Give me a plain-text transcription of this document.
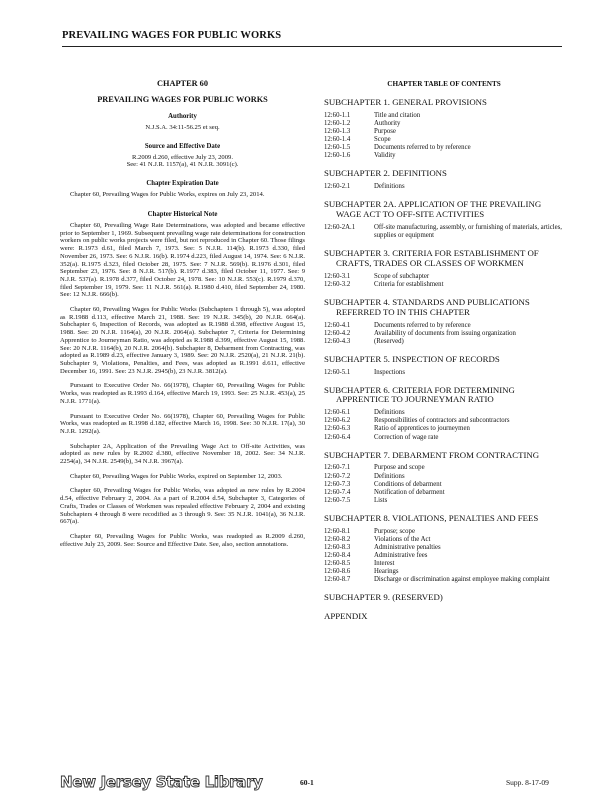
PREVAILING WAGES FOR PUBLIC WORKS
CHAPTER 60
PREVAILING WAGES FOR PUBLIC WORKS
Authority

N.J.S.A. 34:11-56.25 et seq.

Source and Effective Date

R.2009 d.260, effective July 23, 2009.

See: 41 N.J.R. 1157(a), 41 N.J.R. 3091(c).

Chapter Expiration Date

Chapter 60, Prevailing Wages for Public Works, expires on July 23, 2014.

Chapter Historical Note

Chapter 60, Prevailing Wage Rate Determinations, was adopted and became effective prior to September 1, 1969. Subsequent prevailing wage rate determinations for construction workers on public works projects were filed, but not reproduced in Chapter 60. Those filings were: R.1973 d.61, filed March 7, 1973. See: 5 N.J.R. 114(b). R.1973 d.330, filed November 26, 1973. See: 6 N.J.R. 16(b). R.1974 d.223, filed August 14, 1974. See: 6 N.J.R. 352(a). R.1975 d.323, filed October 28, 1975. See: 7 N.J.R. 569(b). R.1976 d.301, filed September 23, 1976. See: 8 N.J.R. 517(b). R.1977 d.383, filed October 11, 1977. See: 9 N.J.R. 537(a). R.1978 d.377, filed October 24, 1978. See: 10 N.J.R. 553(c). R.1979 d.370, filed September 19, 1979. See: 11 N.J.R. 561(a). R.1980 d.410, filed September 24, 1980. See: 12 N.J.R. 666(b).

Chapter 60, Prevailing Wages for Public Works (Subchapters 1 through 5), was adopted as R.1988 d.113, effective March 21, 1988. See: 19 N.J.R. 345(b), 20 N.J.R. 664(a). Subchapter 6, Inspection of Records, was adopted as R.1988 d.398, effective August 15, 1988. See: 20 N.J.R. 1164(a), 20 N.J.R. 2064(a). Subchapter 7, Criteria for Determining Apprentice to Journeyman Ratio, was adopted as R.1988 d.399, effective August 15, 1988. See: 20 N.J.R. 1164(b), 20 N.J.R. 2064(b). Subchapter 8, Debarment from Contracting, was adopted as R.1989 d.23, effective January 3, 1989. See: 20 N.J.R. 2520(a), 21 N.J.R. 21(b). Subchapter 9, Violations, Penalties, and Fees, was adopted as R.1991 d.611, effective December 16, 1991. See: 23 N.J.R. 2945(b), 23 N.J.R. 3812(a).

Pursuant to Executive Order No. 66(1978), Chapter 60, Prevailing Wages for Public Works, was readopted as R.1993 d.164, effective March 19, 1993. See: 25 N.J.R. 453(a), 25 N.J.R. 1771(a).

Pursuant to Executive Order No. 66(1978), Chapter 60, Prevailing Wages for Public Works, was readopted as R.1998 d.182, effective March 16, 1998. See: 30 N.J.R. 17(a), 30 N.J.R. 1292(a).

Subchapter 2A, Application of the Prevailing Wage Act to Off-site Activities, was adopted as new rules by R.2002 d.380, effective November 18, 2002. See: 34 N.J.R. 2254(a), 34 N.J.R. 2549(b), 34 N.J.R. 3967(a).

Chapter 60, Prevailing Wages for Public Works, expired on September 12, 2003.

Chapter 60, Prevailing Wages for Public Works, was adopted as new rules by R.2004 d.54, effective February 2, 2004. As a part of R.2004 d.54, Subchapter 3, Categories of Crafts, Trades or Classes of Workmen was repealed effective February 2, 2004 and existing Subchapters 4 through 8 were recodified as 3 through 9. See: 35 N.J.R. 1041(a), 36 N.J.R. 667(a).

Chapter 60, Prevailing Wages for Public Works, was readopted as R.2009 d.260, effective July 23, 2009. See: Source and Effective Date. See, also, section annotations.

CHAPTER TABLE OF CONTENTS
SUBCHAPTER 1. GENERAL PROVISIONS
12:60-1.1	Title and citation
12:60-1.2	Authority
12:60-1.3	Purpose
12:60-1.4	Scope
12:60-1.5	Documents referred to by reference
12:60-1.6	Validity
SUBCHAPTER 2. DEFINITIONS
12:60-2.1	Definitions
SUBCHAPTER 2A. APPLICATION OF THE PREVAILING WAGE ACT TO OFF-SITE ACTIVITIES
12:60-2A.1	Off-site manufacturing, assembly, or furnishing of materials, articles, supplies or equipment
SUBCHAPTER 3. CRITERIA FOR ESTABLISHMENT OF CRAFTS, TRADES OR CLASSES OF WORKMEN
12:60-3.1	Scope of subchapter
12:60-3.2	Criteria for establishment
SUBCHAPTER 4. STANDARDS AND PUBLICATIONS REFERRED TO IN THIS CHAPTER
12:60-4.1	Documents referred to by reference
12:60-4.2	Availability of documents from issuing organization
12:60-4.3	(Reserved)
SUBCHAPTER 5. INSPECTION OF RECORDS
12:60-5.1	Inspections
SUBCHAPTER 6. CRITERIA FOR DETERMINING APPRENTICE TO JOURNEYMAN RATIO
12:60-6.1	Definitions
12:60-6.2	Responsibilities of contractors and subcontractors
12:60-6.3	Ratio of apprentices to journeymen
12:60-6.4	Correction of wage rate
SUBCHAPTER 7. DEBARMENT FROM CONTRACTING
12:60-7.1	Purpose and scope
12:60-7.2	Definitions
12:60-7.3	Conditions of debarment
12:60-7.4	Notification of debarment
12:60-7.5	Lists
SUBCHAPTER 8. VIOLATIONS, PENALTIES AND FEES
12:60-8.1	Purpose; scope
12:60-8.2	Violations of the Act
12:60-8.3	Administrative penalties
12:60-8.4	Administrative fees
12:60-8.5	Interest
12:60-8.6	Hearings
12:60-8.7	Discharge or discrimination against employee making complaint
SUBCHAPTER 9. (RESERVED)
APPENDIX
New Jersey State Library	60-1	Supp. 8-17-09
